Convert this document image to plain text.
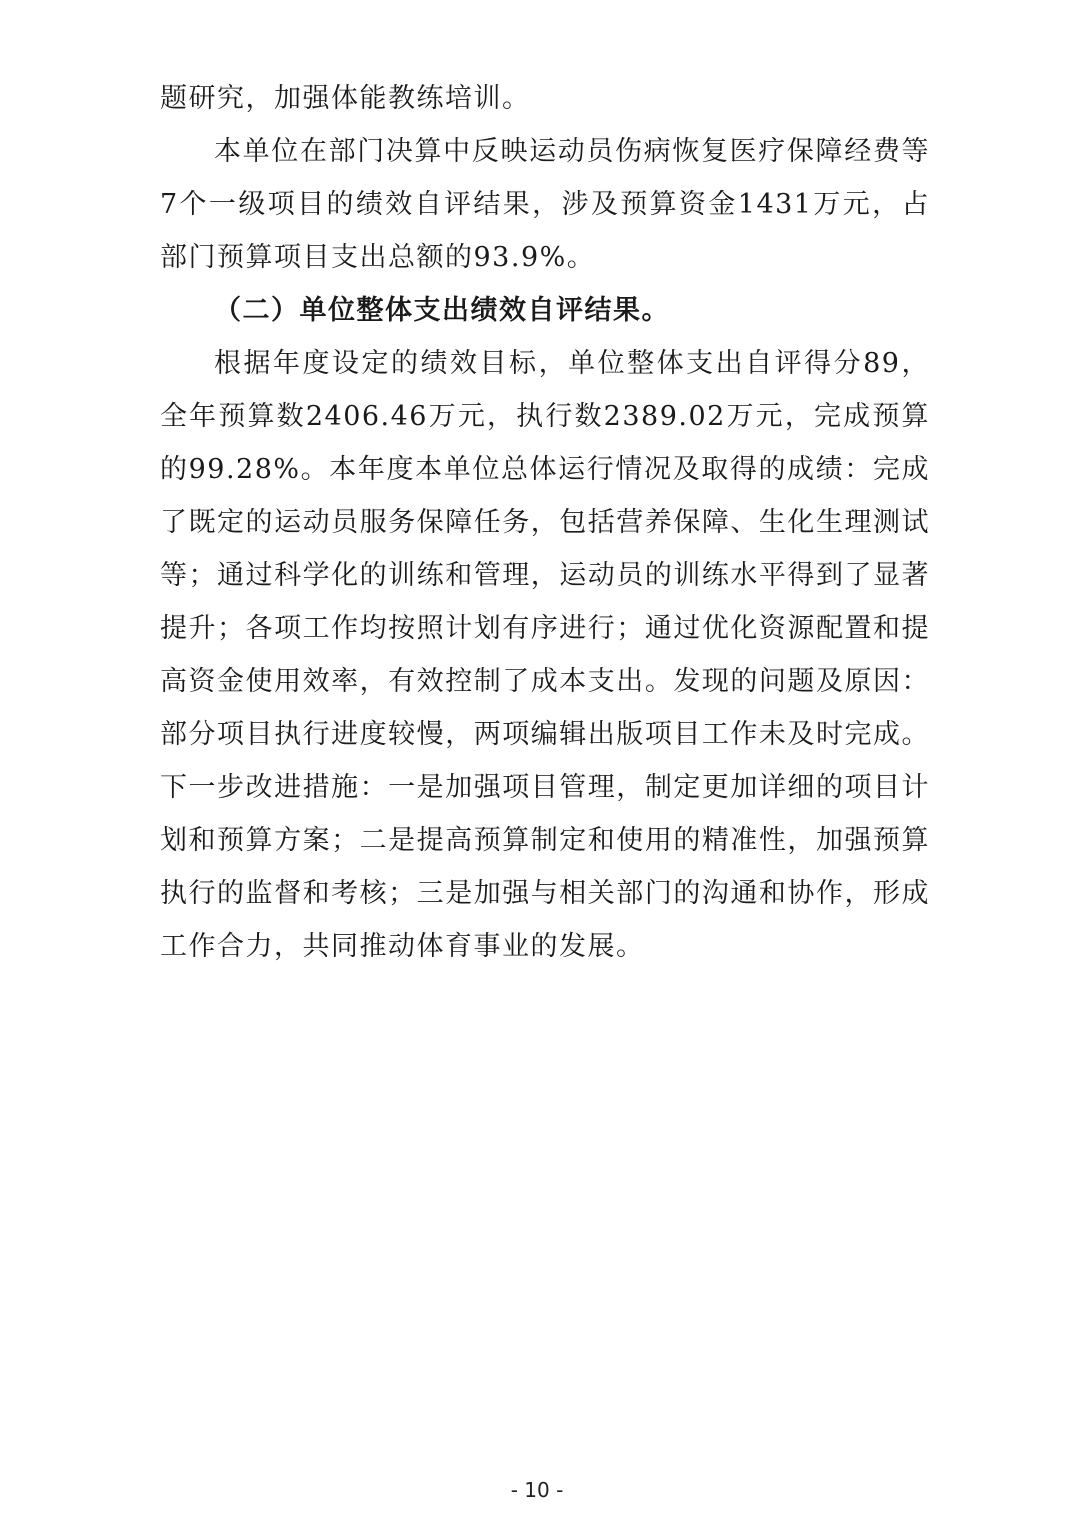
题研究，加强体能教练培训。

本单位在部门决算中反映运动员伤病恢复医疗保障经费等7个一级项目的绩效自评结果，涉及预算资金1431万元，占部门预算项目支出总额的93.9%。

（二）单位整体支出绩效自评结果。

根据年度设定的绩效目标，单位整体支出自评得分89，全年预算数2406.46万元，执行数2389.02万元，完成预算的99.28%。本年度本单位总体运行情况及取得的成绩：完成了既定的运动员服务保障任务，包括营养保障、生化生理测试等；通过科学化的训练和管理，运动员的训练水平得到了显著提升；各项工作均按照计划有序进行；通过优化资源配置和提高资金使用效率，有效控制了成本支出。发现的问题及原因：部分项目执行进度较慢，两项编辑出版项目工作未及时完成。下一步改进措施：一是加强项目管理，制定更加详细的项目计划和预算方案；二是提高预算制定和使用的精准性，加强预算执行的监督和考核；三是加强与相关部门的沟通和协作，形成工作合力，共同推动体育事业的发展。

- 10 -
